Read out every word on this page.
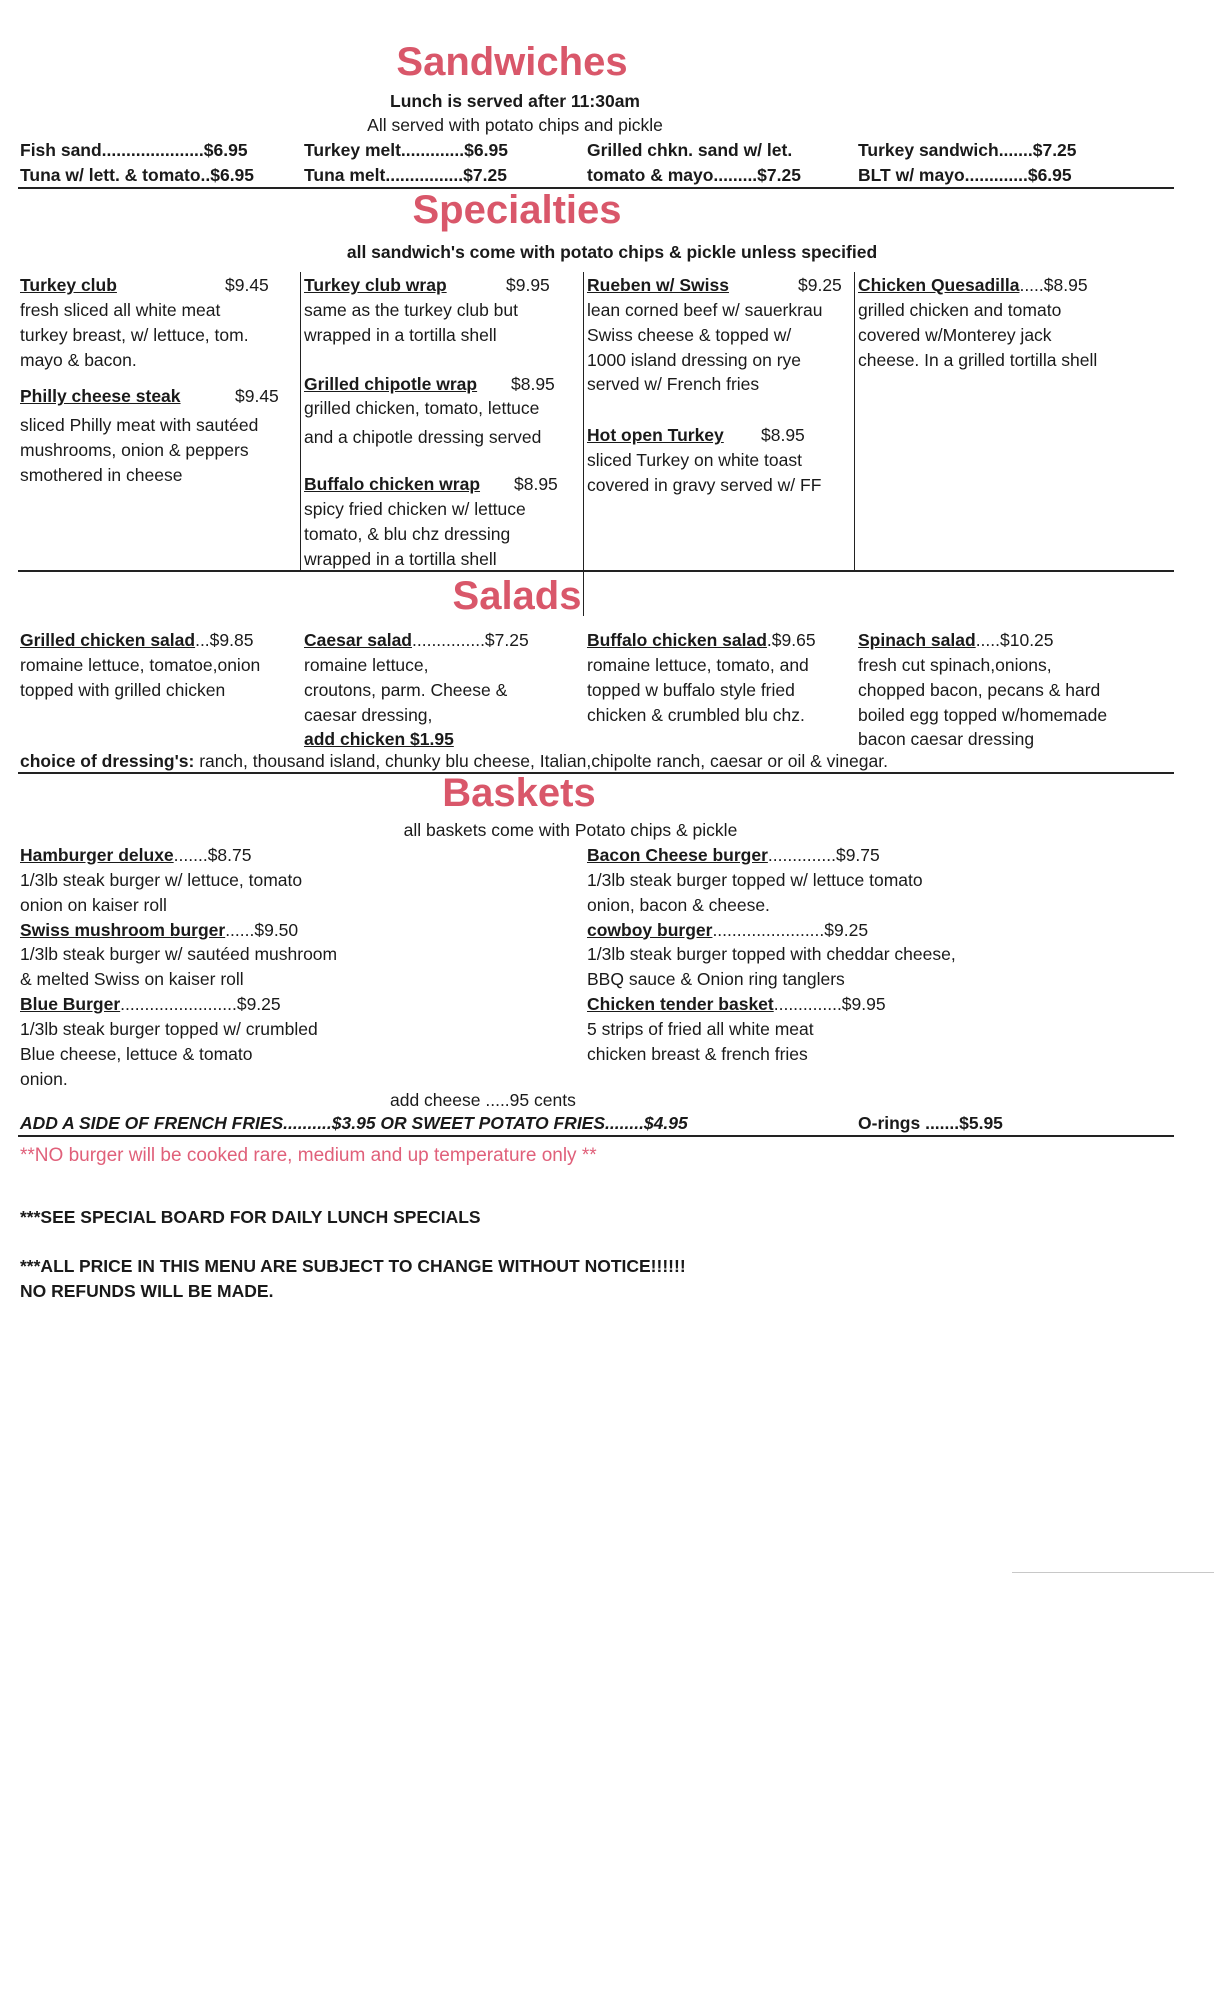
Sandwiches
Lunch is served after 11:30am
All served with potato chips and pickle
Fish sand.....................$6.95	Turkey melt.............$6.95	Grilled chkn. sand w/ let.	Turkey sandwich.......$7.25
Tuna w/ lett. & tomato..$6.95	Tuna melt................$7.25	tomato & mayo.........$7.25	BLT w/ mayo.............$6.95
Specialties
all sandwich's come with potato chips & pickle unless specified
Turkey club	$9.45
fresh sliced all white meat
turkey breast, w/ lettuce, tom.
mayo & bacon.
Philly cheese steak	$9.45
sliced Philly meat with sautéed
mushrooms, onion & peppers
smothered in cheese
Turkey club wrap	$9.95
same as the turkey club but
wrapped in a tortilla shell
Grilled chipotle wrap $8.95
grilled chicken, tomato, lettuce
and a chipotle dressing served
Buffalo chicken wrap $8.95
spicy fried chicken w/ lettuce
tomato, & blu chz dressing
wrapped in a tortilla shell
Rueben w/ Swiss	$9.25
lean corned beef w/ sauerkrau
Swiss cheese & topped w/
1000 island dressing on rye
served w/ French fries
Hot open Turkey $8.95
sliced Turkey on white toast
covered in gravy served w/ FF
Chicken Quesadilla.....$8.95
grilled chicken and tomato
covered w/Monterey jack
cheese. In a grilled tortilla shell
Salads
Grilled chicken salad...$9.85
romaine lettuce, tomatoe,onion
topped with grilled chicken
Caesar salad...............$7.25
romaine lettuce,
croutons, parm. Cheese &
caesar dressing,
add chicken $1.95
Buffalo chicken salad.$9.65
romaine lettuce, tomato, and
topped w buffalo style fried
chicken & crumbled blu chz.
Spinach salad.....$10.25
fresh cut spinach,onions,
chopped bacon, pecans & hard
boiled egg topped w/homemade
bacon caesar dressing
choice of dressing's: ranch, thousand island, chunky blu cheese, Italian,chipolte ranch, caesar or oil & vinegar.
Baskets
all baskets come with Potato chips & pickle
Hamburger deluxe.......$8.75
1/3lb steak burger w/ lettuce, tomato
onion on kaiser roll
Swiss mushroom burger......$9.50
1/3lb steak burger w/ sautéed mushroom
& melted Swiss on kaiser roll
Blue Burger........................$9.25
1/3lb steak burger topped w/ crumbled
Blue cheese, lettuce & tomato
onion.
Bacon Cheese burger..............$9.75
1/3lb steak burger topped w/ lettuce tomato
onion, bacon & cheese.
cowboy burger.......................$9.25
1/3lb steak burger topped with cheddar cheese,
BBQ sauce & Onion ring tanglers
Chicken tender basket..............$9.95
5 strips of fried all white meat
chicken breast & french fries
add cheese .....95 cents
ADD A SIDE OF FRENCH FRIES..........$3.95 OR SWEET POTATO FRIES........$4.95	O-rings .......$5.95
**NO burger will be cooked rare, medium and up temperature only **
***SEE SPECIAL BOARD FOR DAILY LUNCH SPECIALS
***ALL PRICE IN THIS MENU ARE SUBJECT TO CHANGE WITHOUT NOTICE!!!!!!
NO REFUNDS WILL BE MADE.
